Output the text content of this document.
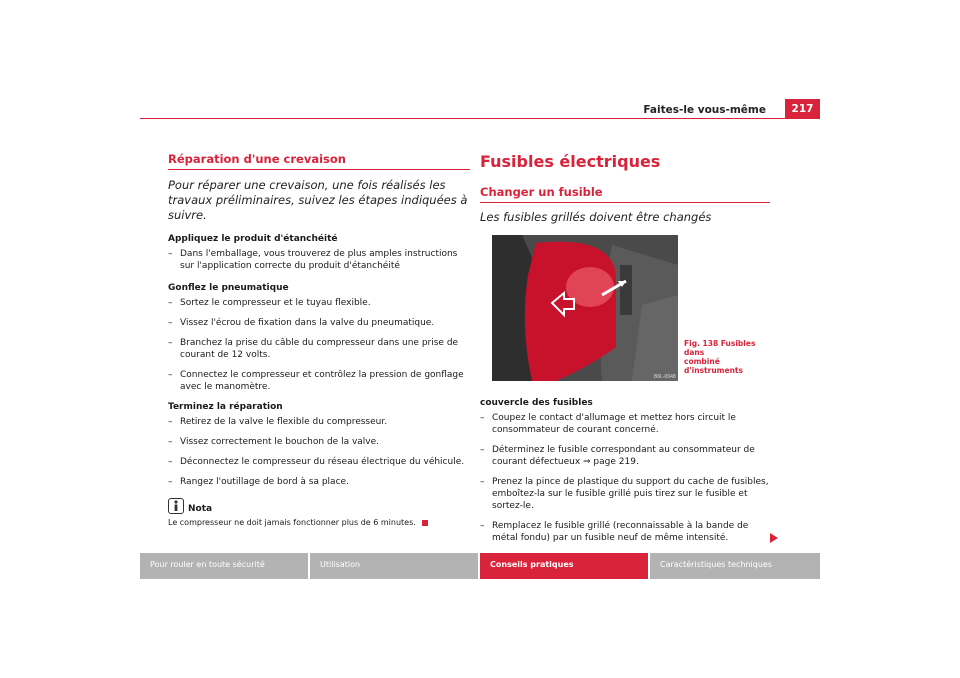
Faites-le vous-même	217
Réparation d'une crevaison
Pour réparer une crevaison, une fois réalisés les travaux préliminaires, suivez les étapes indiquées à suivre.
Appliquez le produit d'étanchéité
– Dans l'emballage, vous trouverez de plus amples instructions sur l'application correcte du produit d'étanchéité
Gonflez le pneumatique
– Sortez le compresseur et le tuyau flexible.
– Vissez l'écrou de fixation dans la valve du pneumatique.
– Branchez la prise du câble du compresseur dans une prise de courant de 12 volts.
– Connectez le compresseur et contrôlez la pression de gonflage avec le manomètre.
Terminez la réparation
– Retirez de la valve le flexible du compresseur.
– Vissez correctement le bouchon de la valve.
– Déconnectez le compresseur du réseau électrique du véhicule.
– Rangez l'outillage de bord à sa place.
Nota
Le compresseur ne doit jamais fonctionner plus de 6 minutes.
Fusibles électriques
Changer un fusible
Les fusibles grillés doivent être changés
B6L-0048
Fig. 138 Fusibles dans
combiné d'instruments
couvercle des fusibles
– Coupez le contact d'allumage et mettez hors circuit le consommateur de courant concerné.
– Déterminez le fusible correspondant au consommateur de courant défectueux ⇒ page 219.
– Prenez la pince de plastique du support du cache de fusibles, emboîtez-la sur le fusible grillé puis tirez sur le fusible et sortez-le.
– Remplacez le fusible grillé (reconnaissable à la bande de métal fondu) par un fusible neuf de même intensité.
Pour rouler en toute sécurité	Utilisation	Conseils pratiques	Caractéristiques techniques
